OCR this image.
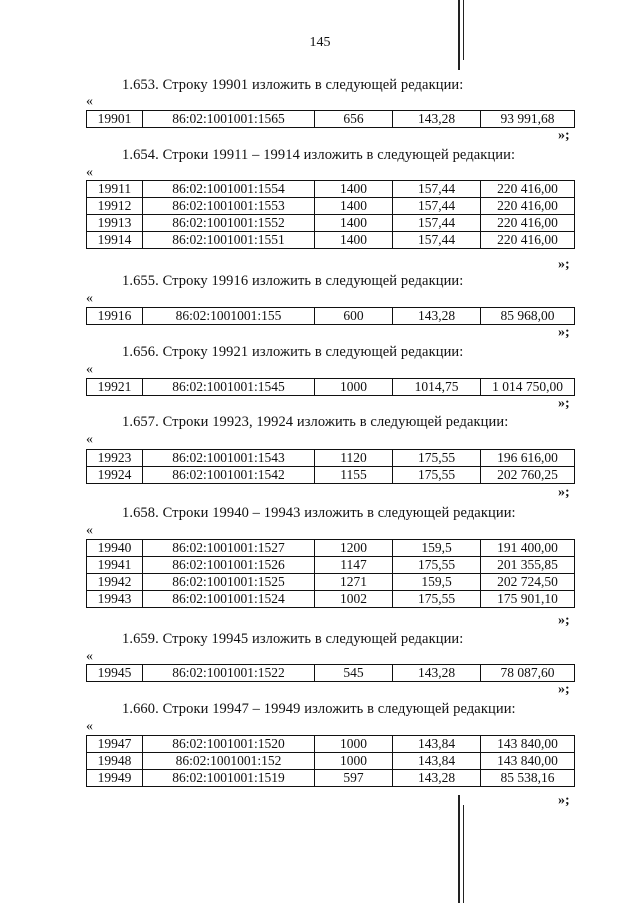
145
1.653. Строку 19901 изложить в следующей редакции:
«
19901	86:02:1001001:1565	656	143,28	93 991,68
»;
1.654. Строки 19911 – 19914 изложить в следующей редакции:
«
19911	86:02:1001001:1554	1400	157,44	220 416,00
19912	86:02:1001001:1553	1400	157,44	220 416,00
19913	86:02:1001001:1552	1400	157,44	220 416,00
19914	86:02:1001001:1551	1400	157,44	220 416,00
»;
1.655. Строку 19916 изложить в следующей редакции:
«
19916	86:02:1001001:155	600	143,28	85 968,00
»;
1.656. Строку 19921 изложить в следующей редакции:
«
19921	86:02:1001001:1545	1000	1014,75	1 014 750,00
»;
1.657. Строки 19923, 19924 изложить в следующей редакции:
«
19923	86:02:1001001:1543	1120	175,55	196 616,00
19924	86:02:1001001:1542	1155	175,55	202 760,25
»;
1.658. Строки 19940 – 19943 изложить в следующей редакции:
«
19940	86:02:1001001:1527	1200	159,5	191 400,00
19941	86:02:1001001:1526	1147	175,55	201 355,85
19942	86:02:1001001:1525	1271	159,5	202 724,50
19943	86:02:1001001:1524	1002	175,55	175 901,10
»;
1.659. Строку 19945 изложить в следующей редакции:
«
19945	86:02:1001001:1522	545	143,28	78 087,60
»;
1.660. Строки 19947 – 19949 изложить в следующей редакции:
«
19947	86:02:1001001:1520	1000	143,84	143 840,00
19948	86:02:1001001:152	1000	143,84	143 840,00
19949	86:02:1001001:1519	597	143,28	85 538,16
»;
